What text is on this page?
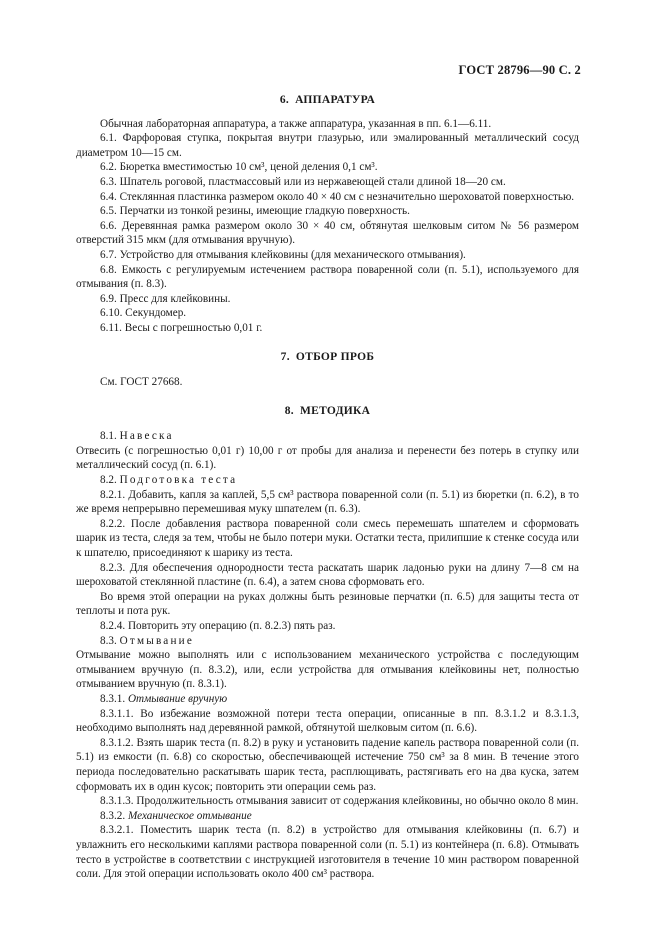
ГОСТ 28796—90 С. 2
6. АППАРАТУРА

Обычная лабораторная аппаратура, а также аппаратура, указанная в пп. 6.1—6.11.

6.1. Фарфоровая ступка, покрытая внутри глазурью, или эмалированный металлический сосуд диаметром 10—15 см.

6.2. Бюретка вместимостью 10 см³, ценой деления 0,1 см³.

6.3. Шпатель роговой, пластмассовый или из нержавеющей стали длиной 18—20 см.

6.4. Стеклянная пластинка размером около 40 × 40 см с незначительно шероховатой поверхностью.

6.5. Перчатки из тонкой резины, имеющие гладкую поверхность.

6.6. Деревянная рамка размером около 30 × 40 см, обтянутая шелковым ситом № 56 размером отверстий 315 мкм (для отмывания вручную).

6.7. Устройство для отмывания клейковины (для механического отмывания).

6.8. Емкость с регулируемым истечением раствора поваренной соли (п. 5.1), используемого для отмывания (п. 8.3).

6.9. Пресс для клейковины.

6.10. Секундомер.

6.11. Весы с погрешностью 0,01 г.

7. ОТБОР ПРОБ

См. ГОСТ 27668.

8. МЕТОДИКА

8.1. Навеска

Отвесить (с погрешностью 0,01 г) 10,00 г от пробы для анализа и перенести без потерь в ступку или металлический сосуд (п. 6.1).

8.2. Подготовка теста

8.2.1. Добавить, капля за каплей, 5,5 см³ раствора поваренной соли (п. 5.1) из бюретки (п. 6.2), в то же время непрерывно перемешивая муку шпателем (п. 6.3).

8.2.2. После добавления раствора поваренной соли смесь перемешать шпателем и сформовать шарик из теста, следя за тем, чтобы не было потери муки. Остатки теста, прилипшие к стенке сосуда или к шпателю, присоединяют к шарику из теста.

8.2.3. Для обеспечения однородности теста раскатать шарик ладонью руки на длину 7—8 см на шероховатой стеклянной пластине (п. 6.4), а затем снова сформовать его.

Во время этой операции на руках должны быть резиновые перчатки (п. 6.5) для защиты теста от теплоты и пота рук.

8.2.4. Повторить эту операцию (п. 8.2.3) пять раз.

8.3. Отмывание

Отмывание можно выполнять или с использованием механического устройства с последующим отмыванием вручную (п. 8.3.2), или, если устройства для отмывания клейковины нет, полностью отмыванием вручную (п. 8.3.1).

8.3.1. Отмывание вручную

8.3.1.1. Во избежание возможной потери теста операции, описанные в пп. 8.3.1.2 и 8.3.1.3, необходимо выполнять над деревянной рамкой, обтянутой шелковым ситом (п. 6.6).

8.3.1.2. Взять шарик теста (п. 8.2) в руку и установить падение капель раствора поваренной соли (п. 5.1) из емкости (п. 6.8) со скоростью, обеспечивающей истечение 750 см³ за 8 мин. В течение этого периода последовательно раскатывать шарик теста, расплющивать, растягивать его на два куска, затем сформовать их в один кусок; повторить эти операции семь раз.

8.3.1.3. Продолжительность отмывания зависит от содержания клейковины, но обычно около 8 мин.

8.3.2. Механическое отмывание

8.3.2.1. Поместить шарик теста (п. 8.2) в устройство для отмывания клейковины (п. 6.7) и увлажнить его несколькими каплями раствора поваренной соли (п. 5.1) из контейнера (п. 6.8). Отмывать тесто в устройстве в соответствии с инструкцией изготовителя в течение 10 мин раствором поваренной соли. Для этой операции использовать около 400 см³ раствора.
